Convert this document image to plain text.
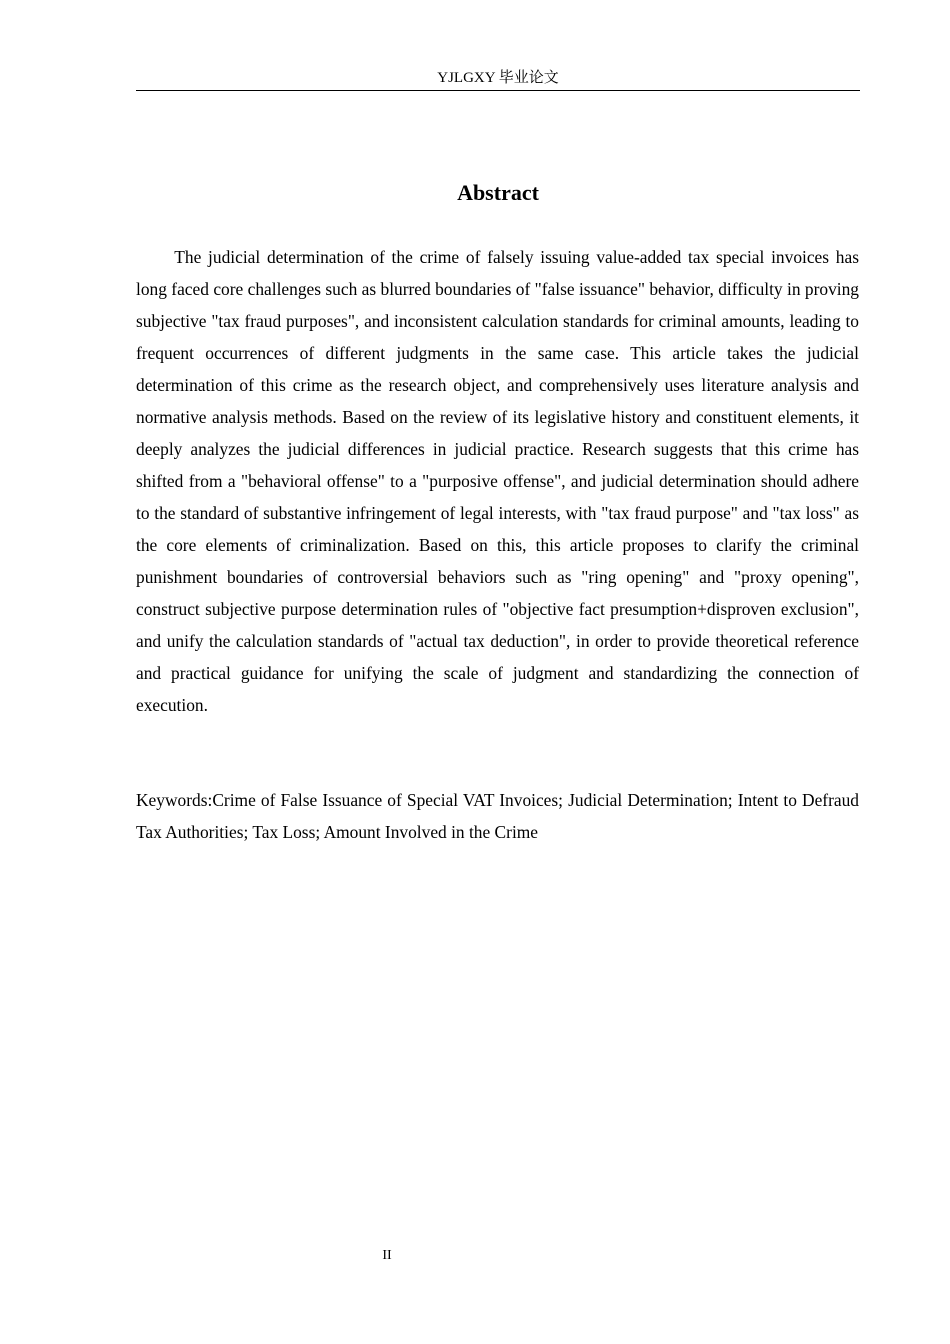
YJLGXY 毕业论文
Abstract

The judicial determination of the crime of falsely issuing value-added tax special invoices has long faced core challenges such as blurred boundaries of "false issuance" behavior, difficulty in proving subjective "tax fraud purposes", and inconsistent calculation standards for criminal amounts, leading to frequent occurrences of different judgments in the same case. This article takes the judicial determination of this crime as the research object, and comprehensively uses literature analysis and normative analysis methods. Based on the review of its legislative history and constituent elements, it deeply analyzes the judicial differences in judicial practice. Research suggests that this crime has shifted from a "behavioral offense" to a "purposive offense", and judicial determination should adhere to the standard of substantive infringement of legal interests, with "tax fraud purpose" and "tax loss" as the core elements of criminalization. Based on this, this article proposes to clarify the criminal punishment boundaries of controversial behaviors such as "ring opening" and "proxy opening", construct subjective purpose determination rules of "objective fact presumption+disproven exclusion", and unify the calculation standards of "actual tax deduction", in order to provide theoretical reference and practical guidance for unifying the scale of judgment and standardizing the connection of execution.

Keywords:Crime of False Issuance of Special VAT Invoices; Judicial Determination; Intent to Defraud Tax Authorities; Tax Loss; Amount Involved in the Crime

II
